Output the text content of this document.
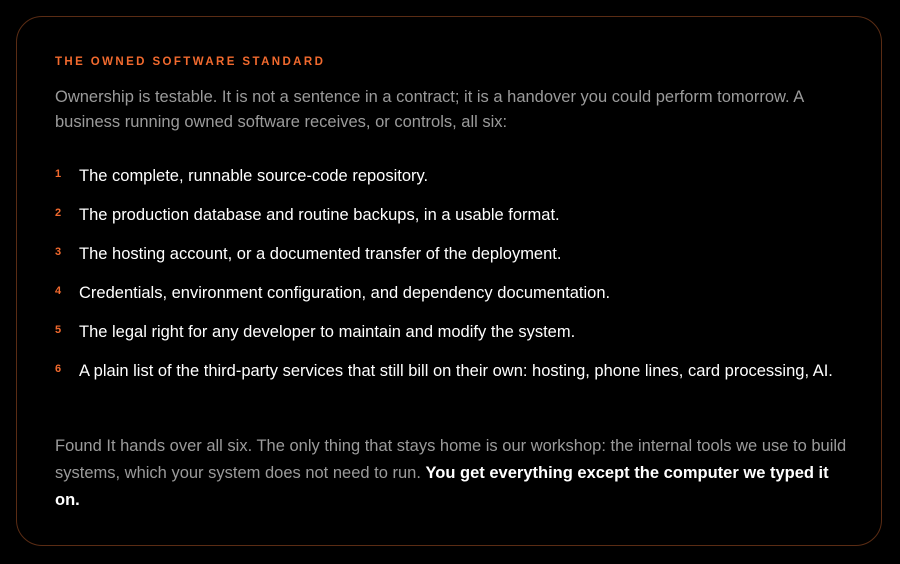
THE OWNED SOFTWARE STANDARD

Ownership is testable. It is not a sentence in a contract; it is a handover you could perform tomorrow. A business running owned software receives, or controls, all six:

1 The complete, runnable source-code repository.
2 The production database and routine backups, in a usable format.
3 The hosting account, or a documented transfer of the deployment.
4 Credentials, environment configuration, and dependency documentation.
5 The legal right for any developer to maintain and modify the system.
6 A plain list of the third-party services that still bill on their own: hosting, phone lines, card processing, AI.

Found It hands over all six. The only thing that stays home is our workshop: the internal tools we use to build systems, which your system does not need to run. You get everything except the computer we typed it on.
